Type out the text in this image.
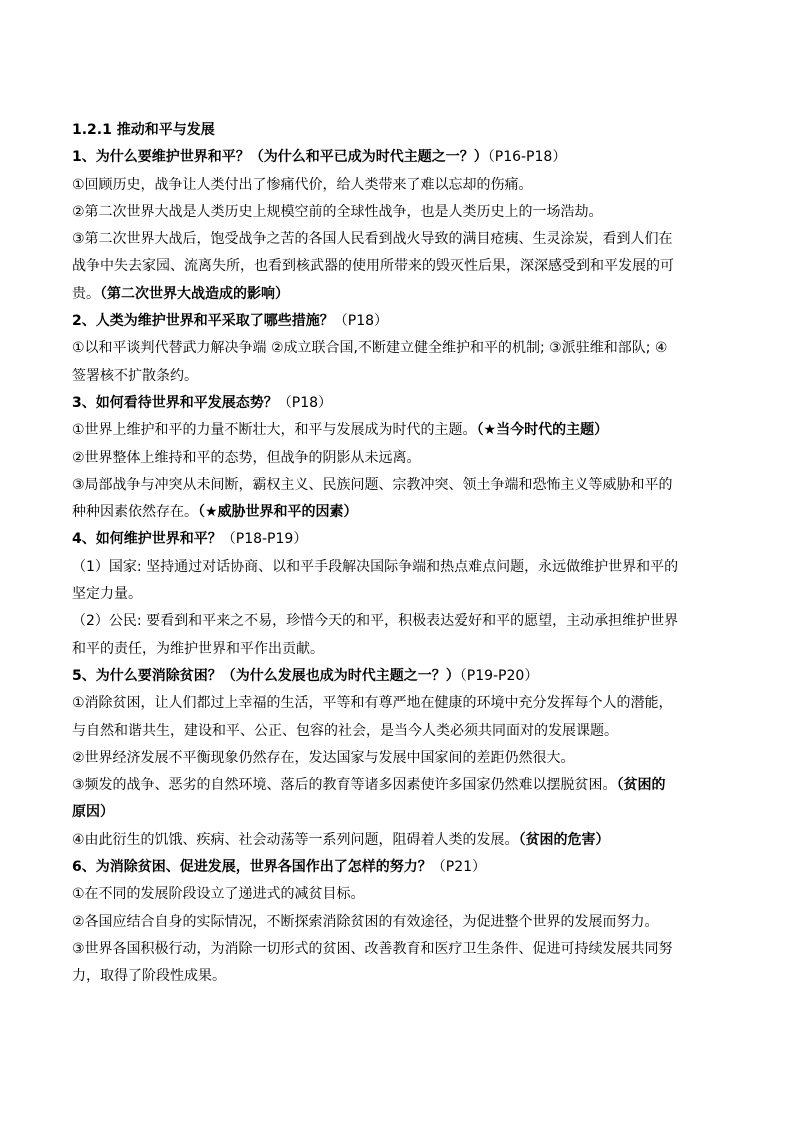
1.2.1 推动和平与发展
1、为什么要维护世界和平？（为什么和平已成为时代主题之一？）（P16-P18）
①回顾历史，战争让人类付出了惨痛代价，给人类带来了难以忘却的伤痛。
②第二次世界大战是人类历史上规模空前的全球性战争，也是人类历史上的一场浩劫。
③第二次世界大战后，饱受战争之苦的各国人民看到战火导致的满目疮痍、生灵涂炭，看到人们在
战争中失去家园、流离失所，也看到核武器的使用所带来的毁灭性后果，深深感受到和平发展的可
贵。（第二次世界大战造成的影响）
2、人类为维护世界和平采取了哪些措施？（P18）
①以和平谈判代替武力解决争端 ②成立联合国,不断建立健全维护和平的机制; ③派驻维和部队; ④
签署核不扩散条约。
3、如何看待世界和平发展态势？（P18）
①世界上维护和平的力量不断壮大，和平与发展成为时代的主题。（★当今时代的主题）
②世界整体上维持和平的态势，但战争的阴影从未远离。
③局部战争与冲突从未间断，霸权主义、民族问题、宗教冲突、领土争端和恐怖主义等威胁和平的
种种因素依然存在。（★威胁世界和平的因素）
4、如何维护世界和平？（P18-P19）
（1）国家: 坚持通过对话协商、以和平手段解决国际争端和热点难点问题，永远做维护世界和平的
坚定力量。
（2）公民: 要看到和平来之不易，珍惜今天的和平，积极表达爱好和平的愿望，主动承担维护世界
和平的责任，为维护世界和平作出贡献。
5、为什么要消除贫困？（为什么发展也成为时代主题之一？）（P19-P20）
①消除贫困，让人们都过上幸福的生活，平等和有尊严地在健康的环境中充分发挥每个人的潜能，
与自然和谐共生，建设和平、公正、包容的社会，是当今人类必须共同面对的发展课题。
②世界经济发展不平衡现象仍然存在，发达国家与发展中国家间的差距仍然很大。
③频发的战争、恶劣的自然环境、落后的教育等诸多因素使许多国家仍然难以摆脱贫困。（贫困的
原因）
④由此衍生的饥饿、疾病、社会动荡等一系列问题，阻碍着人类的发展。（贫困的危害）
6、为消除贫困、促进发展，世界各国作出了怎样的努力？（P21）
①在不同的发展阶段设立了递进式的减贫目标。
②各国应结合自身的实际情况，不断探索消除贫困的有效途径，为促进整个世界的发展而努力。
③世界各国积极行动，为消除一切形式的贫困、改善教育和医疗卫生条件、促进可持续发展共同努
力，取得了阶段性成果。
